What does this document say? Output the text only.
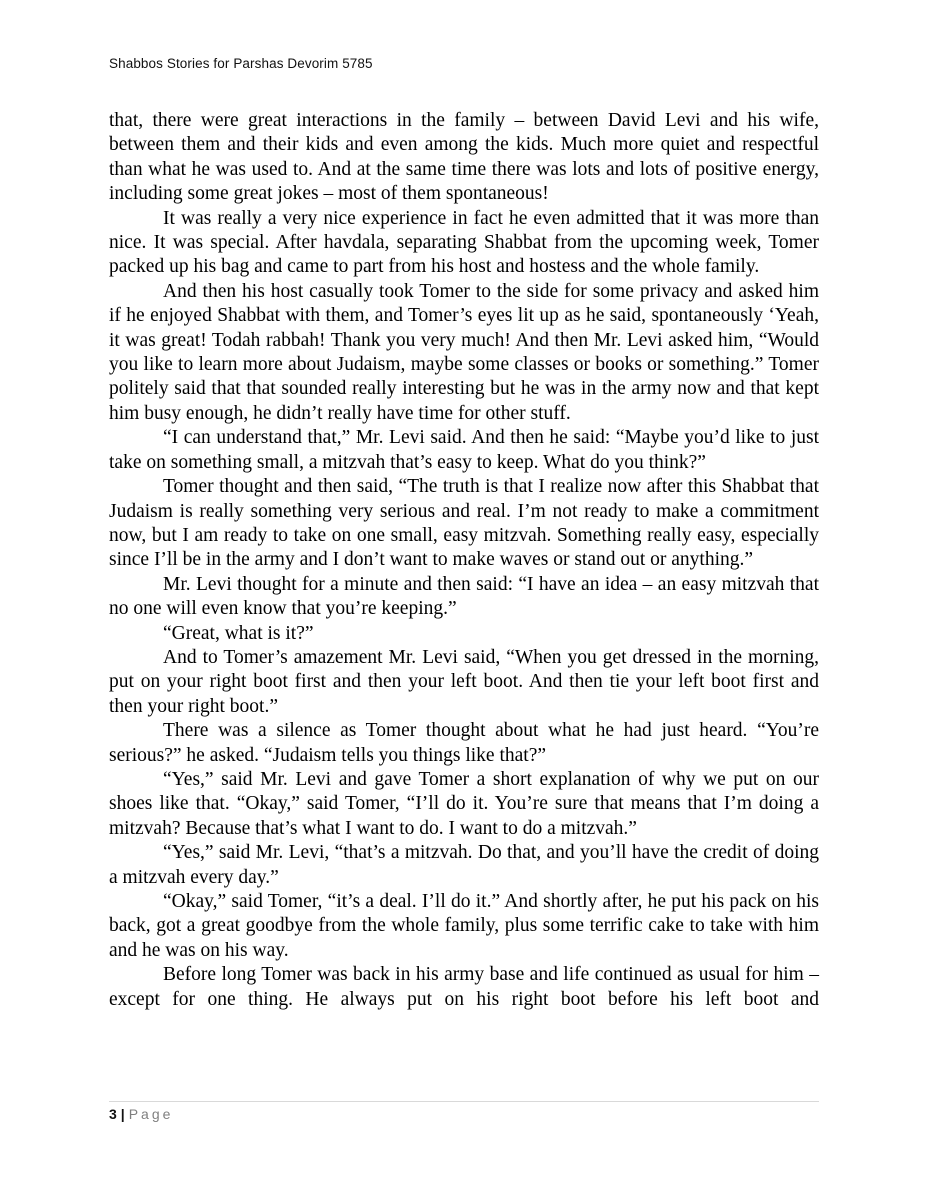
Shabbos Stories for Parshas Devorim 5785

that, there were great interactions in the family – between David Levi and his wife, between them and their kids and even among the kids. Much more quiet and respectful than what he was used to. And at the same time there was lots and lots of positive energy, including some great jokes – most of them spontaneous!

It was really a very nice experience in fact he even admitted that it was more than nice. It was special. After havdala, separating Shabbat from the upcoming week, Tomer packed up his bag and came to part from his host and hostess and the whole family.

And then his host casually took Tomer to the side for some privacy and asked him if he enjoyed Shabbat with them, and Tomer’s eyes lit up as he said, spontaneously ‘Yeah, it was great! Todah rabbah! Thank you very much! And then Mr. Levi asked him, “Would you like to learn more about Judaism, maybe some classes or books or something.” Tomer politely said that that sounded really interesting but he was in the army now and that kept him busy enough, he didn’t really have time for other stuff.

“I can understand that,” Mr. Levi said. And then he said: “Maybe you’d like to just take on something small, a mitzvah that’s easy to keep. What do you think?”

Tomer thought and then said, “The truth is that I realize now after this Shabbat that Judaism is really something very serious and real. I’m not ready to make a commitment now, but I am ready to take on one small, easy mitzvah. Something really easy, especially since I’ll be in the army and I don’t want to make waves or stand out or anything.”

Mr. Levi thought for a minute and then said: “I have an idea – an easy mitzvah that no one will even know that you’re keeping.”

“Great, what is it?”

And to Tomer’s amazement Mr. Levi said, “When you get dressed in the morning, put on your right boot first and then your left boot. And then tie your left boot first and then your right boot.”

There was a silence as Tomer thought about what he had just heard. “You’re serious?” he asked. “Judaism tells you things like that?”

“Yes,” said Mr. Levi and gave Tomer a short explanation of why we put on our shoes like that. “Okay,” said Tomer, “I’ll do it. You’re sure that means that I’m doing a mitzvah? Because that’s what I want to do. I want to do a mitzvah.”

“Yes,” said Mr. Levi, “that’s a mitzvah. Do that, and you’ll have the credit of doing a mitzvah every day.”

“Okay,” said Tomer, “it’s a deal. I’ll do it.” And shortly after, he put his pack on his back, got a great goodbye from the whole family, plus some terrific cake to take with him and he was on his way.

Before long Tomer was back in his army base and life continued as usual for him – except for one thing. He always put on his right boot before his left boot and

3 | Page
